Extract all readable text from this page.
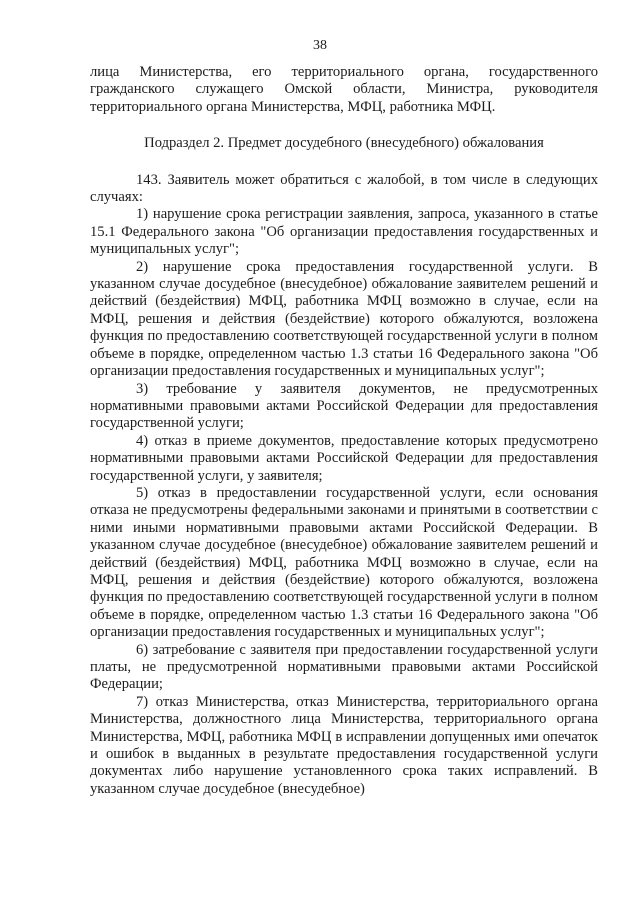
38

лица Министерства, его территориального органа, государственного гражданского служащего Омской области, Министра, руководителя территориального органа Министерства, МФЦ, работника МФЦ.

Подраздел 2. Предмет досудебного (внесудебного) обжалования

143. Заявитель может обратиться с жалобой, в том числе в следующих случаях:

1) нарушение срока регистрации заявления, запроса, указанного в статье 15.1 Федерального закона "Об организации предоставления государственных и муниципальных услуг";

2) нарушение срока предоставления государственной услуги. В указанном случае досудебное (внесудебное) обжалование заявителем решений и действий (бездействия) МФЦ, работника МФЦ возможно в случае, если на МФЦ, решения и действия (бездействие) которого обжалуются, возложена функция по предоставлению соответствующей государственной услуги в полном объеме в порядке, определенном частью 1.3 статьи 16 Федерального закона "Об организации предоставления государственных и муниципальных услуг";

3) требование у заявителя документов, не предусмотренных нормативными правовыми актами Российской Федерации для предоставления государственной услуги;

4) отказ в приеме документов, предоставление которых предусмотрено нормативными правовыми актами Российской Федерации для предоставления государственной услуги, у заявителя;

5) отказ в предоставлении государственной услуги, если основания отказа не предусмотрены федеральными законами и принятыми в соответствии с ними иными нормативными правовыми актами Российской Федерации. В указанном случае досудебное (внесудебное) обжалование заявителем решений и действий (бездействия) МФЦ, работника МФЦ возможно в случае, если на МФЦ, решения и действия (бездействие) которого обжалуются, возложена функция по предоставлению соответствующей государственной услуги в полном объеме в порядке, определенном частью 1.3 статьи 16 Федерального закона "Об организации предоставления государственных и муниципальных услуг";

6) затребование с заявителя при предоставлении государственной услуги платы, не предусмотренной нормативными правовыми актами Российской Федерации;

7) отказ Министерства, отказ Министерства, территориального органа Министерства, должностного лица Министерства, территориального органа Министерства, МФЦ, работника МФЦ в исправлении допущенных ими опечаток и ошибок в выданных в результате предоставления государственной услуги документах либо нарушение установленного срока таких исправлений. В указанном случае досудебное (внесудебное)
